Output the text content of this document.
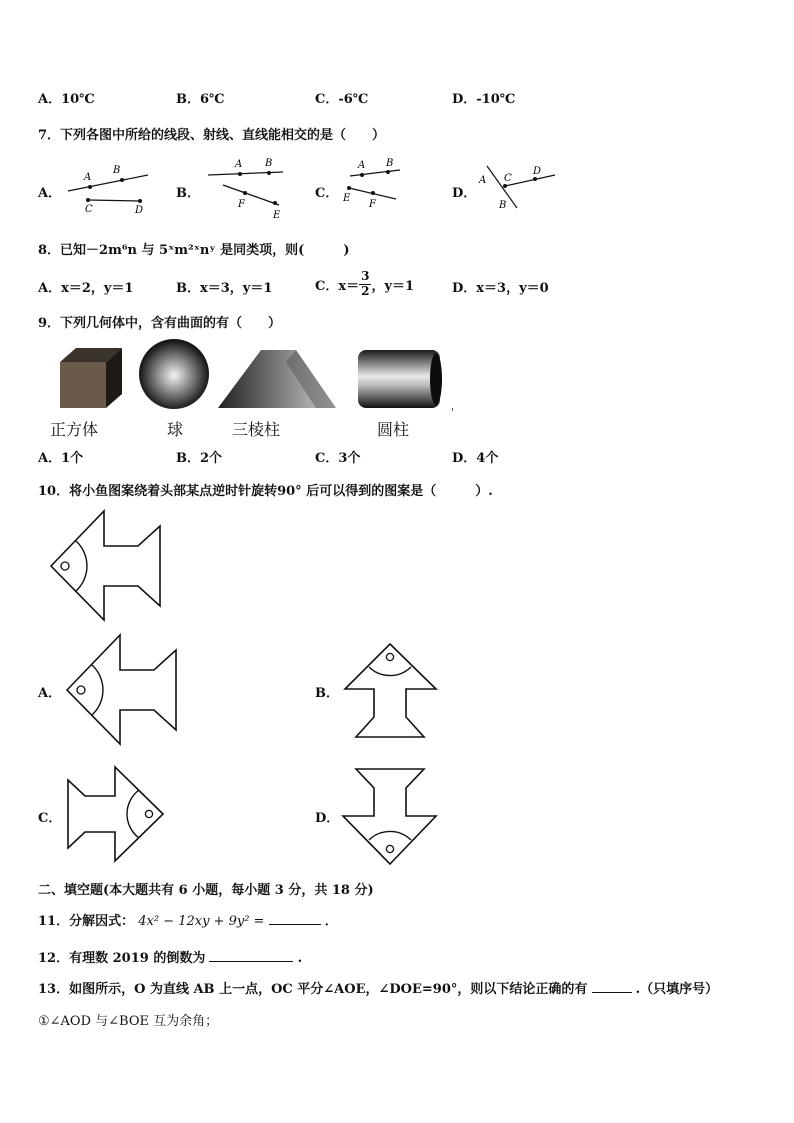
A．10℃	B．6℃	C．-6℃	D．-10℃
7．下列各图中所给的线段、射线、直线能相交的是（　　）
A．
A
B
C	D
B．
A B
F
E
C．
A B
E
F
D．
A C
D
B
8．已知－2m⁶n 与 5ˣm²ˣnʸ 是同类项，则(　　　)
A．x＝2，y＝1	B．x＝3，y＝1	C．$x= \frac{3}{2}$ ，y＝1	D．x＝3，y＝0
9．下列几何体中，含有曲面的有（　　）
正方体	球	三棱柱	圆柱
A．1个	B．2个	C．3个	D．4个
10．将小鱼图案绕着头部某点逆时针旋转90° 后可以得到的图案是（　　　）.
A．	B．
C．	D．
二、填空题(本大题共有 6 小题，每小题 3 分，共 18 分)
11．分解因式： 4x² − 12xy + 9y² =	．
12．有理数 2019 的倒数为	.
13．如图所示，O 为直线 AB 上一点，OC 平分∠AOE，∠DOE=90°，则以下结论正确的有	.（只填序号）
①∠AOD 与∠BOE 互为余角；
